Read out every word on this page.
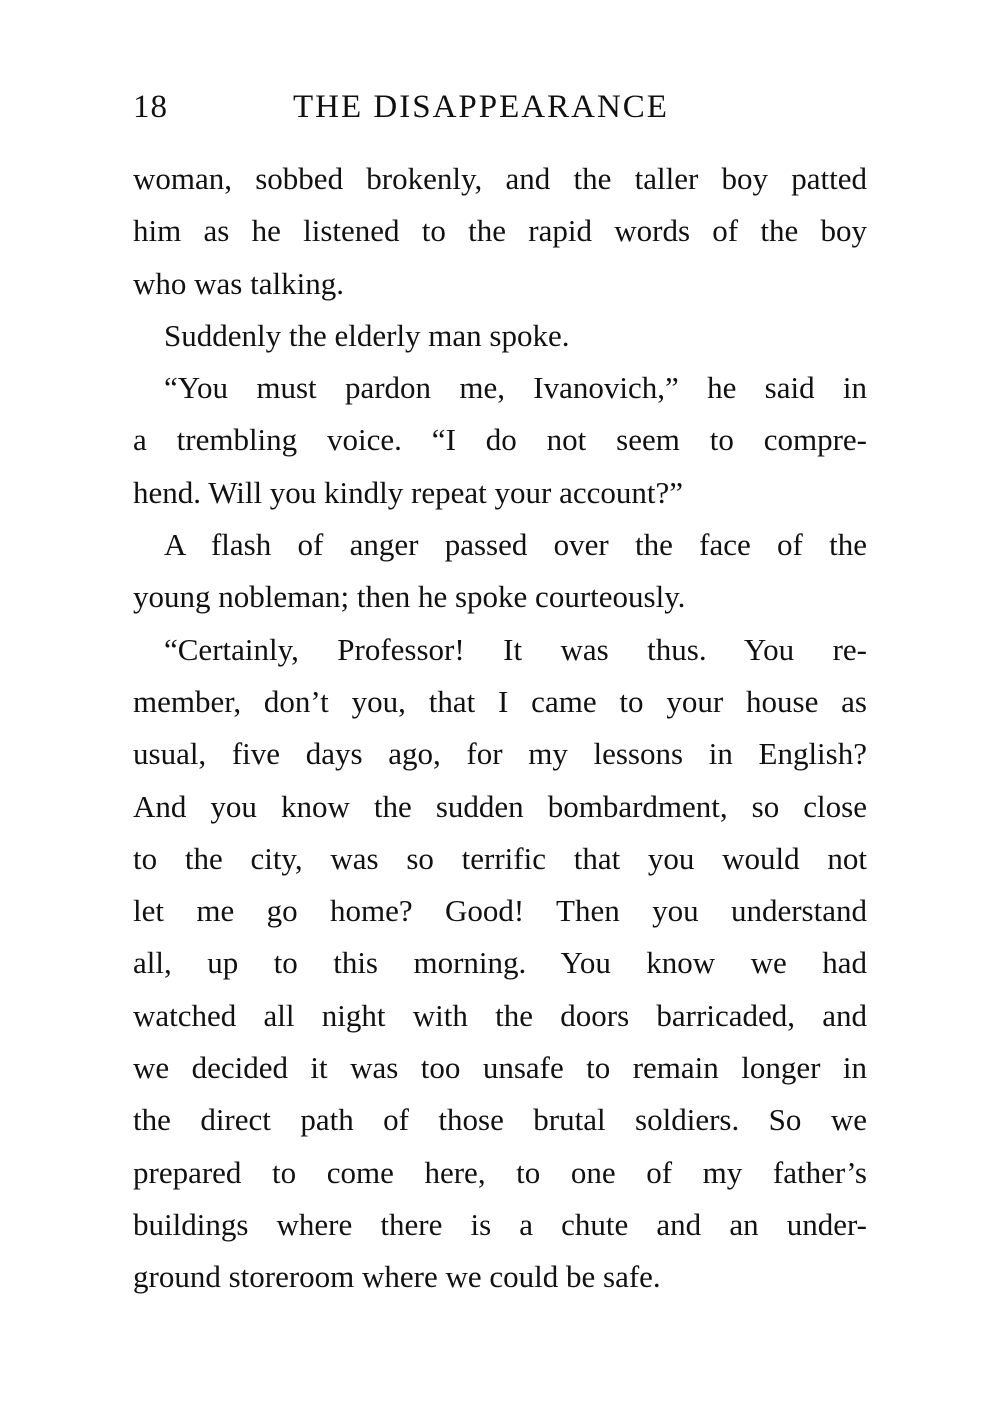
18	THE DISAPPEARANCE
woman, sobbed brokenly, and the taller boy patted
him as he listened to the rapid words of the boy
who was talking.
Suddenly the elderly man spoke.
“You must pardon me, Ivanovich,” he said in
a trembling voice. “I do not seem to compre-
hend. Will you kindly repeat your account?”
A flash of anger passed over the face of the
young nobleman; then he spoke courteously.
“Certainly, Professor! It was thus. You re-
member, don’t you, that I came to your house as
usual, five days ago, for my lessons in English?
And you know the sudden bombardment, so close
to the city, was so terrific that you would not
let me go home? Good! Then you understand
all, up to this morning. You know we had
watched all night with the doors barricaded, and
we decided it was too unsafe to remain longer in
the direct path of those brutal soldiers. So we
prepared to come here, to one of my father’s
buildings where there is a chute and an under-
ground storeroom where we could be safe.
